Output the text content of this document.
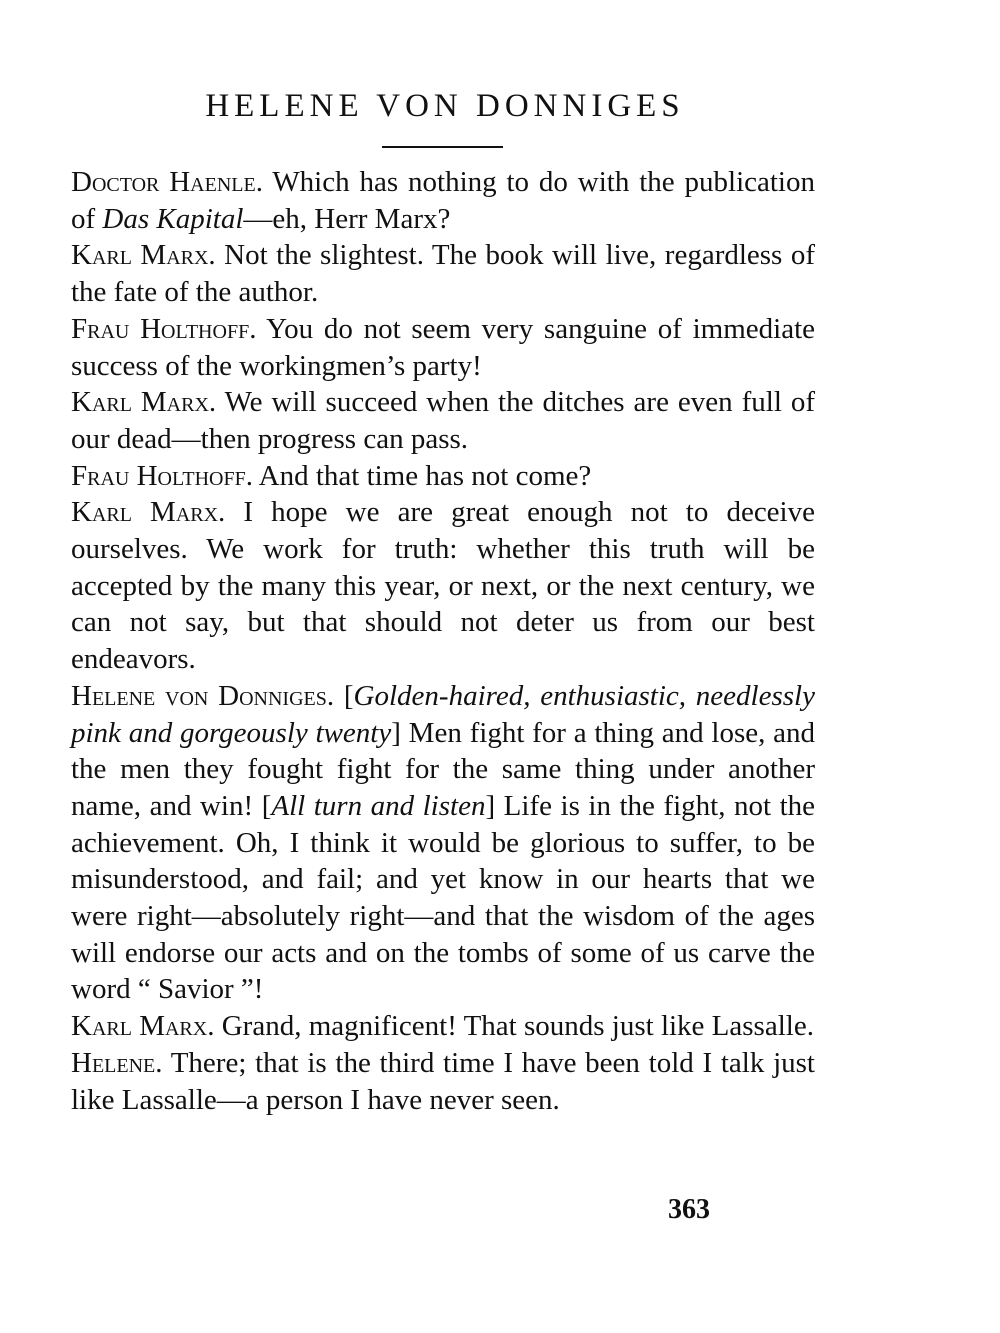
HELENE VON DONNIGES

Doctor Haenle. Which has nothing to do with the publication of Das Kapital—eh, Herr Marx?

Karl Marx. Not the slightest. The book will live, regardless of the fate of the author.

Frau Holthoff. You do not seem very sanguine of immediate success of the workingmen’s party!

Karl Marx. We will succeed when the ditches are even full of our dead—then progress can pass.

Frau Holthoff. And that time has not come?

Karl Marx. I hope we are great enough not to deceive ourselves. We work for truth: whether this truth will be accepted by the many this year, or next, or the next century, we can not say, but that should not deter us from our best endeavors.

Helene von Donniges. [Golden-haired, enthusiastic, needlessly pink and gorgeously twenty] Men fight for a thing and lose, and the men they fought fight for the same thing under another name, and win! [All turn and listen] Life is in the fight, not the achievement. Oh, I think it would be glorious to suffer, to be misunderstood, and fail; and yet know in our hearts that we were right—absolutely right—and that the wisdom of the ages will endorse our acts and on the tombs of some of us carve the word “ Savior ”!

Karl Marx. Grand, magnificent! That sounds just like Lassalle.

Helene. There; that is the third time I have been told I talk just like Lassalle—a person I have never seen.

363
